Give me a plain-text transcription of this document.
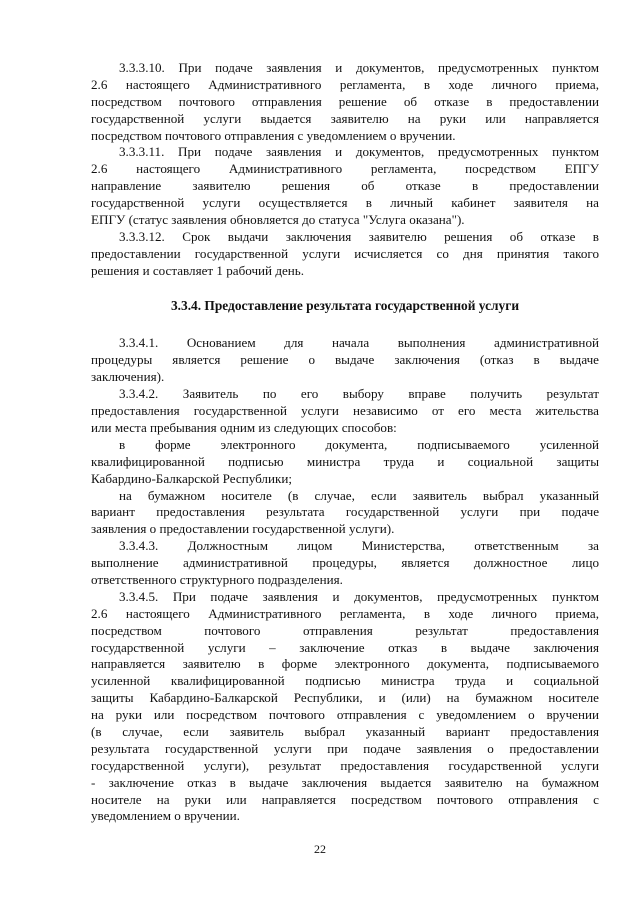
3.3.3.10. При подаче заявления и документов, предусмотренных пунктом
2.6 настоящего Административного регламента, в ходе личного приема,
посредством почтового отправления решение об отказе в предоставлении
государственной услуги выдается заявителю на руки или направляется
посредством почтового отправления с уведомлением о вручении.
3.3.3.11. При подаче заявления и документов, предусмотренных пунктом
2.6 настоящего Административного регламента, посредством ЕПГУ
направление заявителю решения об отказе в предоставлении
государственной услуги осуществляется в личный кабинет заявителя на
ЕПГУ (статус заявления обновляется до статуса "Услуга оказана").
3.3.3.12. Срок выдачи заключения заявителю решения об отказе в
предоставлении государственной услуги исчисляется со дня принятия такого
решения и составляет 1 рабочий день.
3.3.4. Предоставление результата государственной услуги
3.3.4.1. Основанием для начала выполнения административной
процедуры является решение о выдаче заключения (отказ в выдаче
заключения).
3.3.4.2. Заявитель по его выбору вправе получить результат
предоставления государственной услуги независимо от его места жительства
или места пребывания одним из следующих способов:
в форме электронного документа, подписываемого усиленной
квалифицированной подписью министра труда и социальной защиты
Кабардино-Балкарской Республики;
на бумажном носителе (в случае, если заявитель выбрал указанный
вариант предоставления результата государственной услуги при подаче
заявления о предоставлении государственной услуги).
3.3.4.3. Должностным лицом Министерства, ответственным за
выполнение административной процедуры, является должностное лицо
ответственного структурного подразделения.
3.3.4.5. При подаче заявления и документов, предусмотренных пунктом
2.6 настоящего Административного регламента, в ходе личного приема,
посредством почтового отправления результат предоставления
государственной услуги – заключение отказ в выдаче заключения
направляется заявителю в форме электронного документа, подписываемого
усиленной квалифицированной подписью министра труда и социальной
защиты Кабардино-Балкарской Республики, и (или) на бумажном носителе
на руки или посредством почтового отправления с уведомлением о вручении
(в случае, если заявитель выбрал указанный вариант предоставления
результата государственной услуги при подаче заявления о предоставлении
государственной услуги), результат предоставления государственной услуги
- заключение отказ в выдаче заключения выдается заявителю на бумажном
носителе на руки или направляется посредством почтового отправления с
уведомлением о вручении.
22
